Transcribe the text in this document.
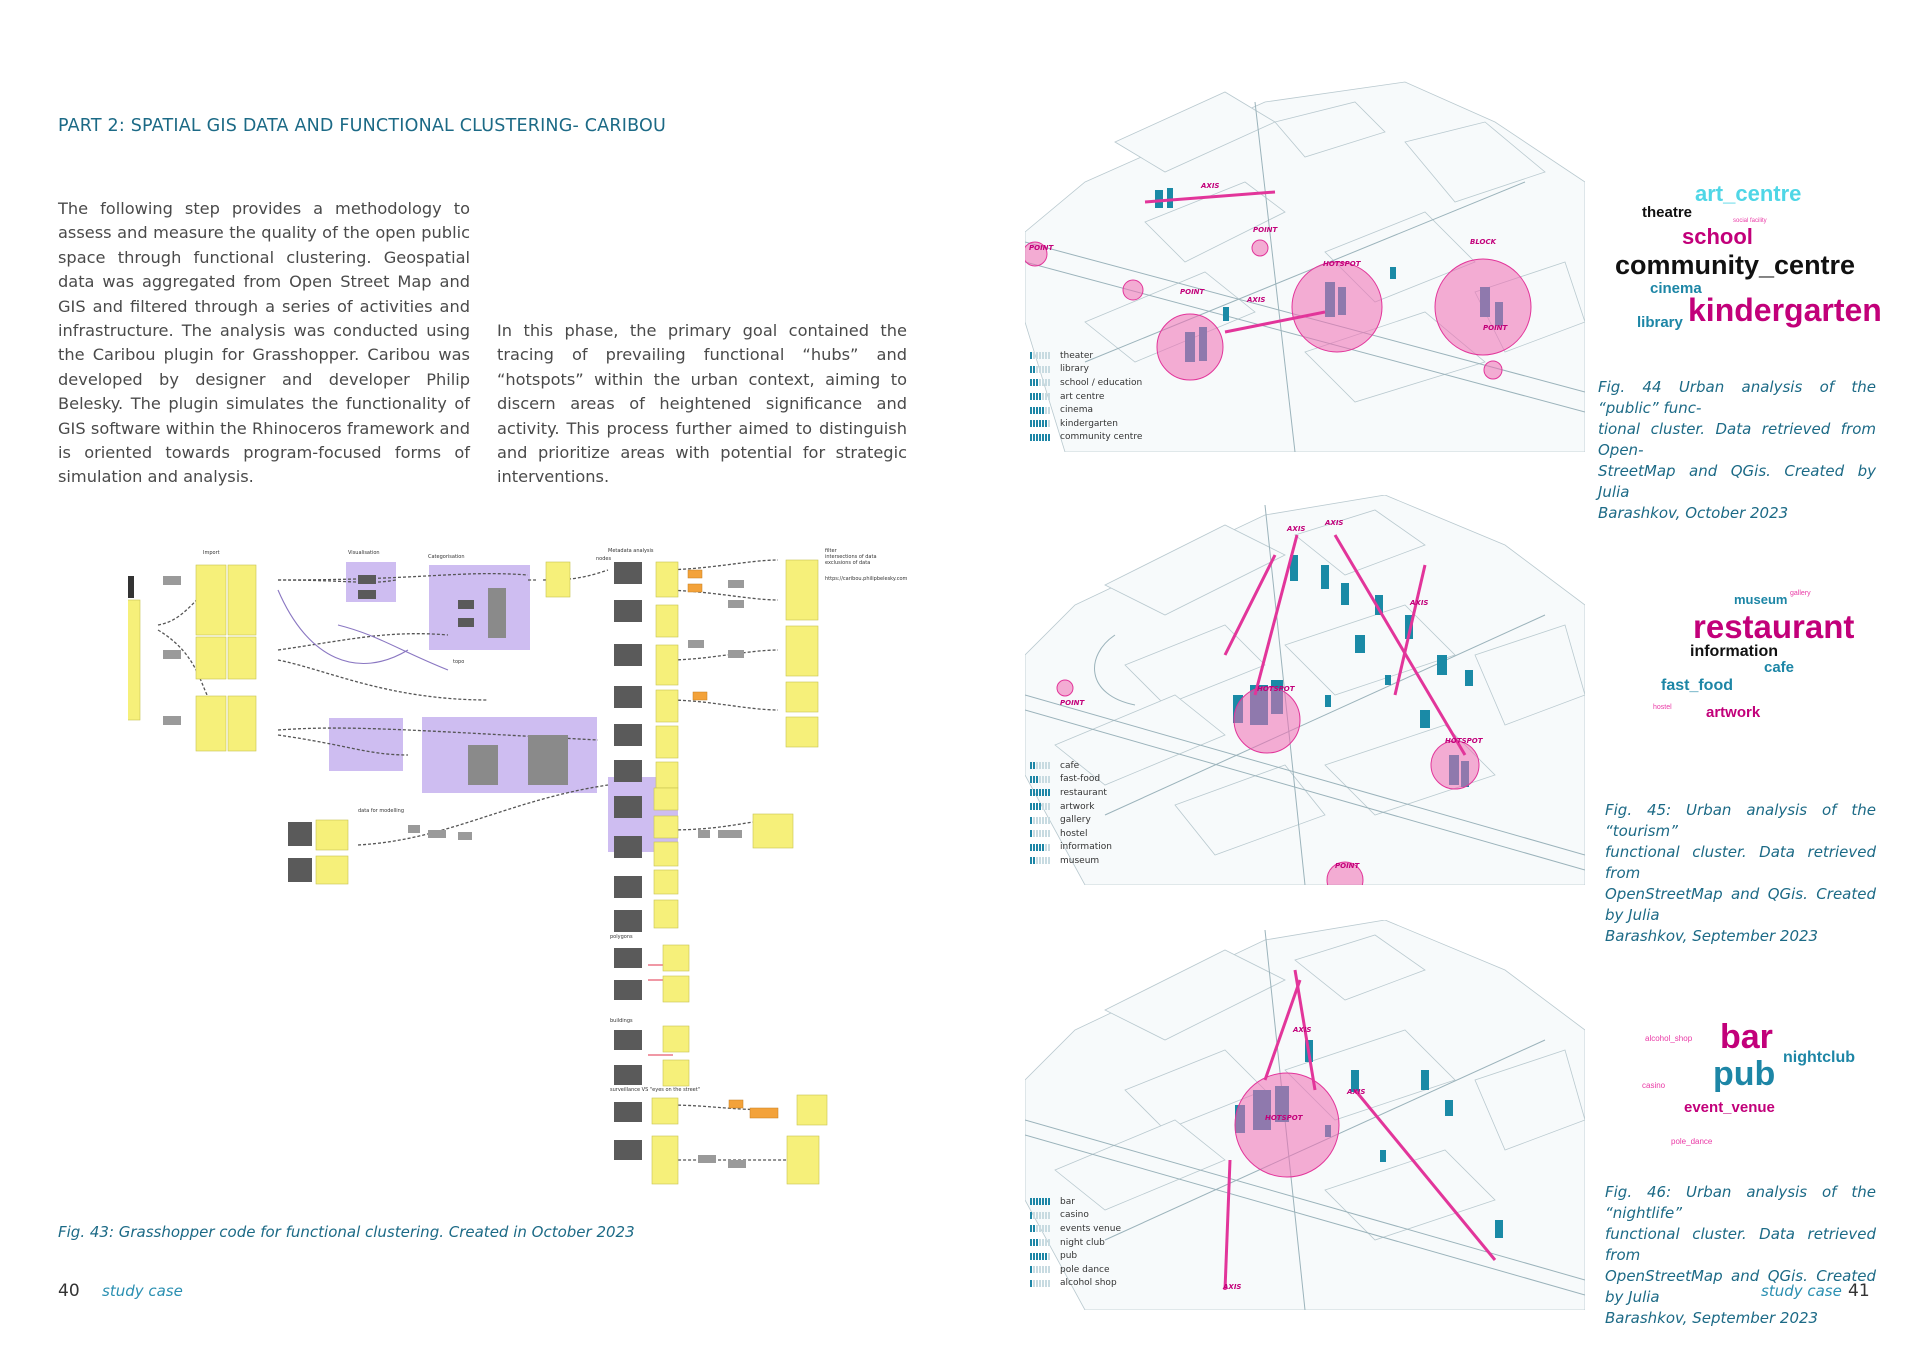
PART 2: SPATIAL GIS DATA AND FUNCTIONAL CLUSTERING- CARIBOU

The following step provides a methodology to assess and measure the quality of the open public space through functional clustering. Geospatial data was aggregated from Open Street Map and GIS and filtered through a series of activities and infrastructure. The analysis was conducted using the Caribou plugin for Grasshopper. Caribou was developed by designer and developer Philip Belesky. The plugin simulates the functionality of GIS software within the Rhinoceros framework and is oriented towards program-focused forms of simulation and analysis.

In this phase, the primary goal contained the tracing of prevailing functional “hubs” and “hotspots” within the urban context, aiming to discern areas of heightened significance and activity. This process further aimed to distinguish and prioritize areas with potential for strategic interventions.

Import	Visualisation
Categorisation
Metadata analysis
nodes
filter
intersections of data
exclusions of data
https://caribou.philipbelesky.com
topo
data for modelling
polygons
buildings
surveillance VS "eyes on the street"
Fig. 43: Grasshopper code for functional clustering. Created in October 2023
Fig. 44 Urban analysis of the “public” func-
tional cluster. Data retrieved from Open-
StreetMap and QGis. Created by Julia
Barashkov, October 2023
Fig. 45: Urban analysis of the “tourism”
functional cluster. Data retrieved from
OpenStreetMap and QGis. Created by Julia
Barashkov, September 2023
Fig. 46: Urban analysis of the “nightlife”
functional cluster. Data retrieved from
OpenStreetMap and QGis. Created by Julia
Barashkov, September 2023
AXIS
POINT
POINT
POINT
HOTSPOT
BLOCK
AXIS
POINT
theater
library
school / education
art centre
cinema
kindergarten
community centre
art_centre
theatre	social facility
school
community_centre
cinema
library kindergarten
AXIS
AXIS
AXIS
POINT
HOTSPOT
HOTSPOT
POINT
cafe
fast-food
restaurant
artwork
gallery
hostel
information
museum
museum gallery
restaurant
information
cafe
fast_food
hostel artwork
AXIS
AXIS
HOTSPOT
AXIS
bar
casino
events venue
night club
pub
pole dance
alcohol shop
alcohol_shop bar
nightclub
casino pub
event_venue
pole_dance
40 study case	study case 41
